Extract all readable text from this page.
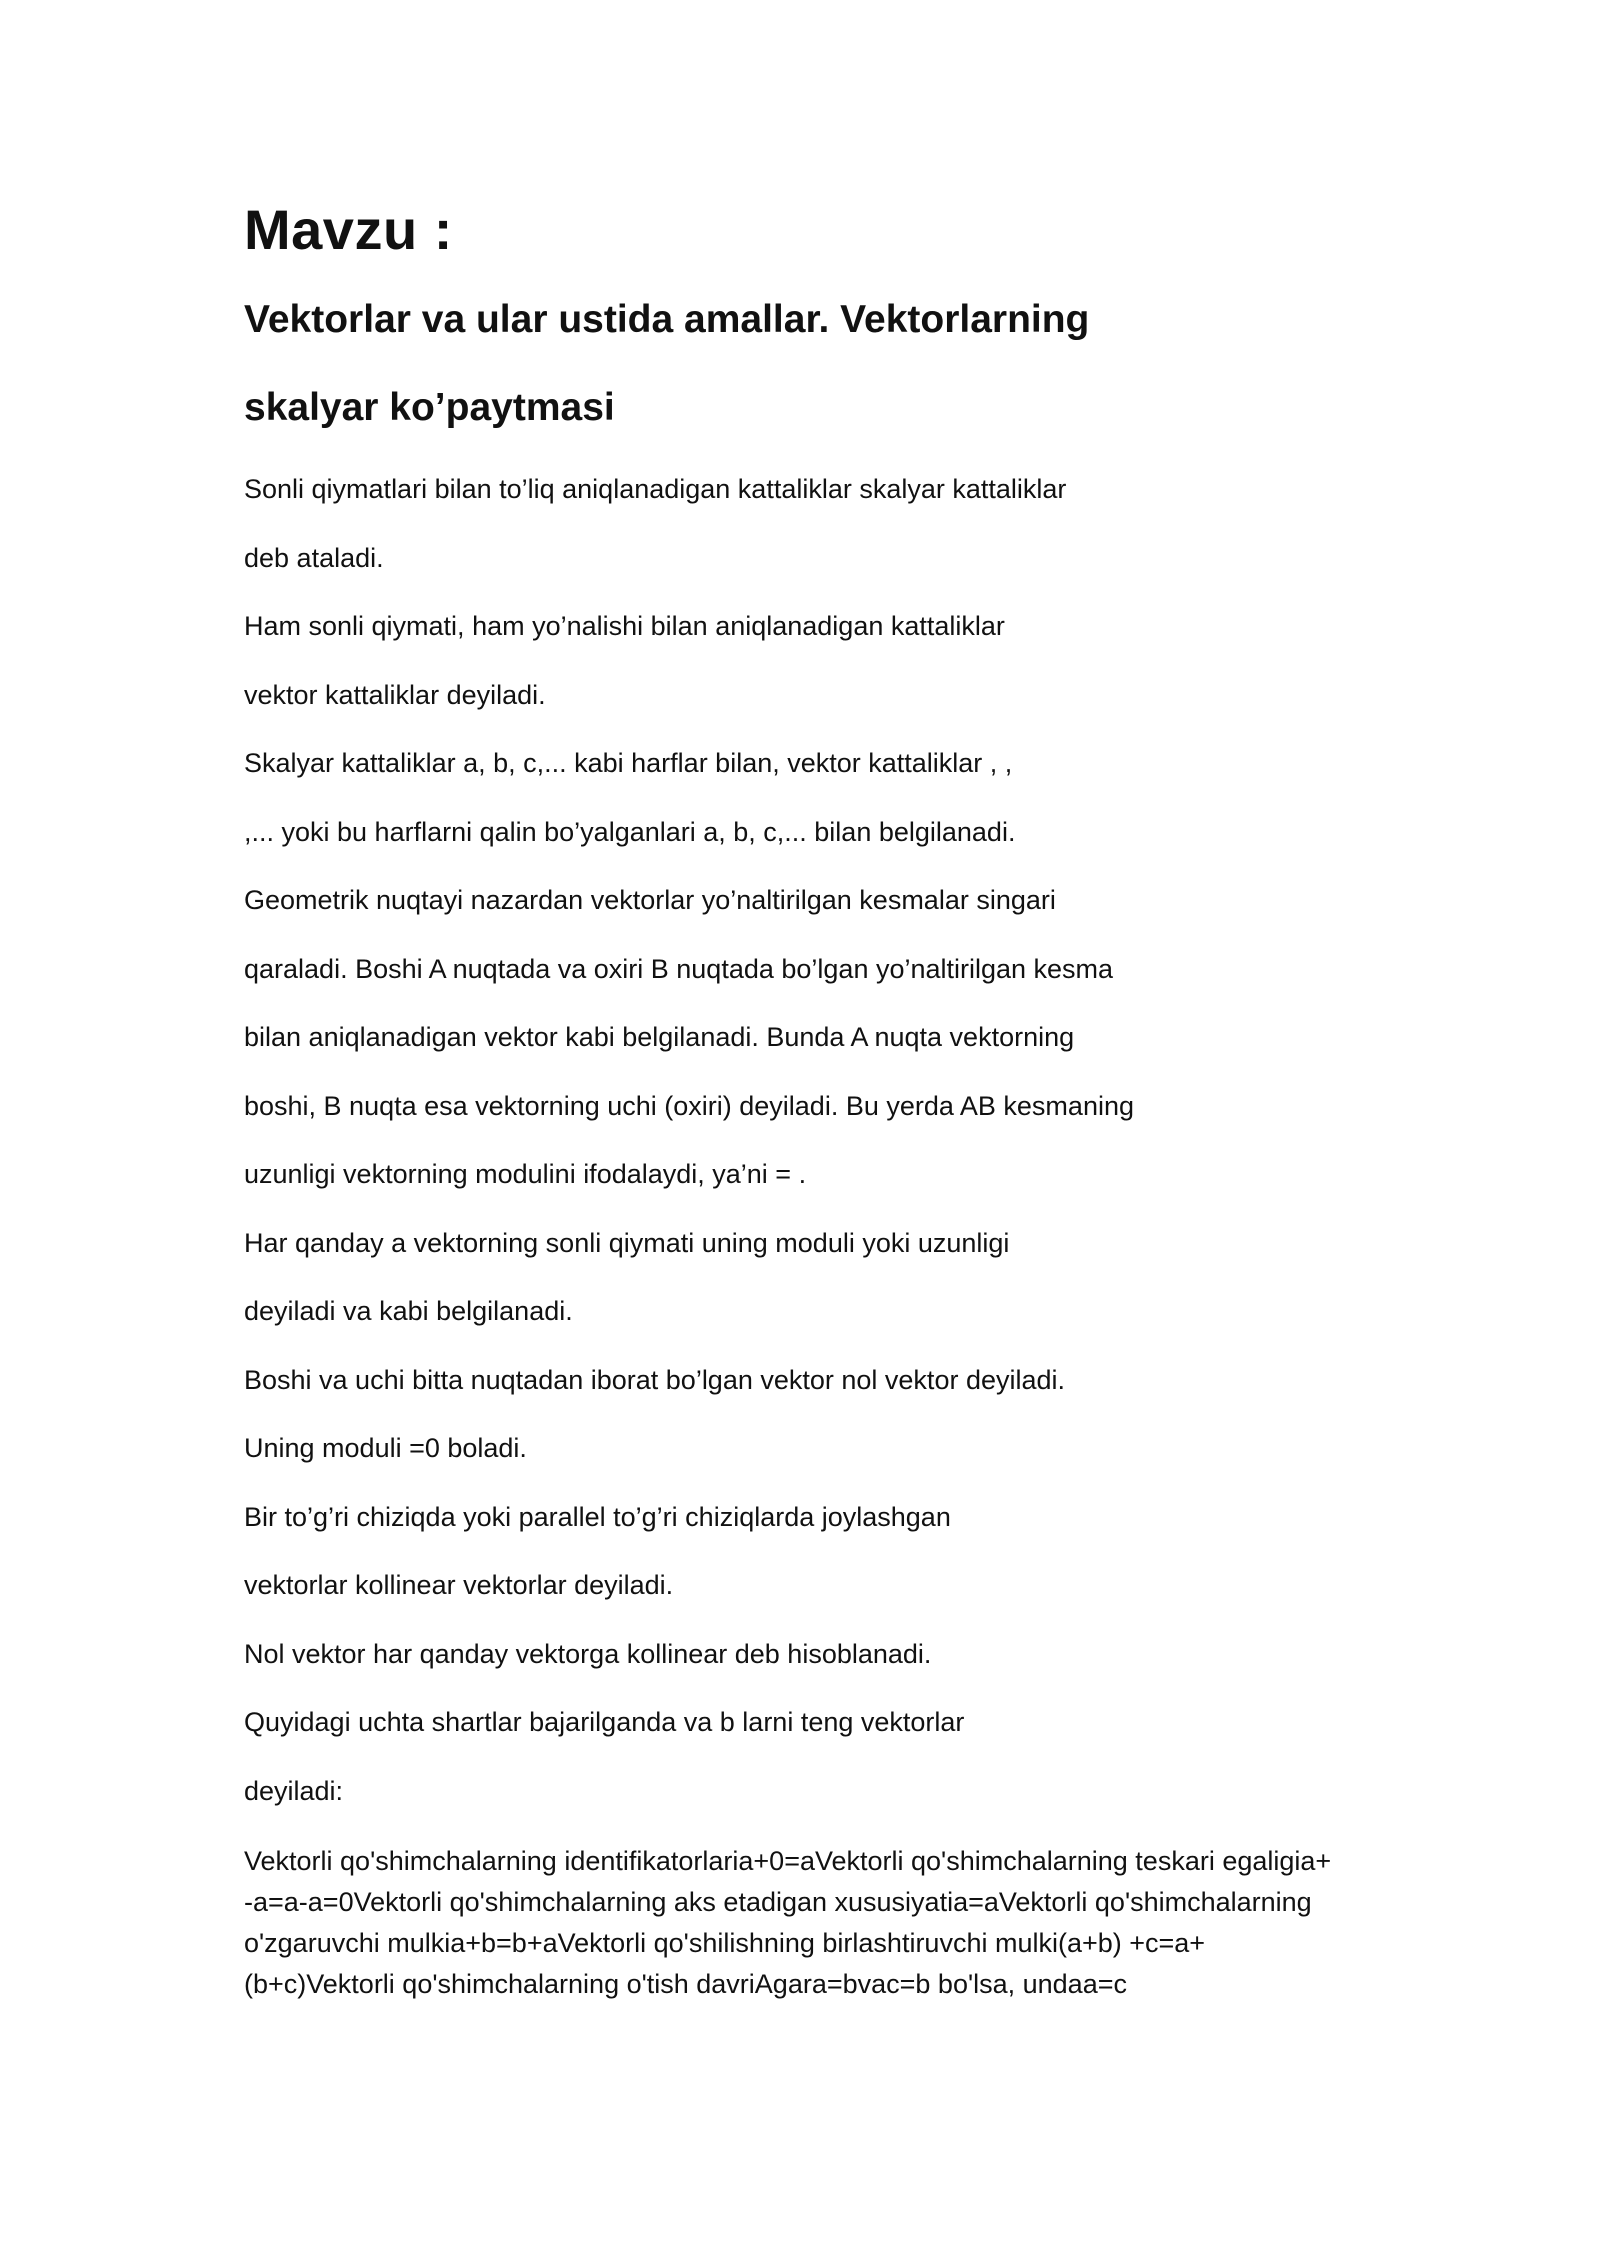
Mavzu :
Vektorlar va ular ustida amallar. Vektorlarning
skalyar ko’paytmasi

Sonli qiymatlari bilan to’liq aniqlanadigan kattaliklar skalyar kattaliklar

deb ataladi.

Ham sonli qiymati, ham yo’nalishi bilan aniqlanadigan kattaliklar

vektor kattaliklar deyiladi.

Skalyar kattaliklar a, b, c,... kabi harflar bilan, vektor kattaliklar , ,

,... yoki bu harflarni qalin bo’yalganlari a, b, c,... bilan belgilanadi.

Geometrik nuqtayi nazardan vektorlar yo’naltirilgan kesmalar singari

qaraladi. Boshi A nuqtada va oxiri B nuqtada bo’lgan yo’naltirilgan kesma

bilan aniqlanadigan vektor kabi belgilanadi. Bunda A nuqta vektorning

boshi, B nuqta esa vektorning uchi (oxiri) deyiladi. Bu yerda AB kesmaning

uzunligi vektorning modulini ifodalaydi, ya’ni = .

Har qanday a vektorning sonli qiymati uning moduli yoki uzunligi

deyiladi va kabi belgilanadi.

Boshi va uchi bitta nuqtadan iborat bo’lgan vektor nol vektor deyiladi.

Uning moduli =0 boladi.

Bir to’g’ri chiziqda yoki parallel to’g’ri chiziqlarda joylashgan

vektorlar kollinear vektorlar deyiladi.

Nol vektor har qanday vektorga kollinear deb hisoblanadi.

Quyidagi uchta shartlar bajarilganda va b larni teng vektorlar

deyiladi:

Vektorli qo'shimchalarning identifikatorlaria+0=aVektorli qo'shimchalarning teskari egaligia+
-a=a-a=0Vektorli qo'shimchalarning aks etadigan xususiyatia=aVektorli qo'shimchalarning
o'zgaruvchi mulkia+b=b+aVektorli qo'shilishning birlashtiruvchi mulki(a+b) +c=a+
(b+c)Vektorli qo'shimchalarning o'tish davriAgara=bvac=b bo'lsa, undaa=c
